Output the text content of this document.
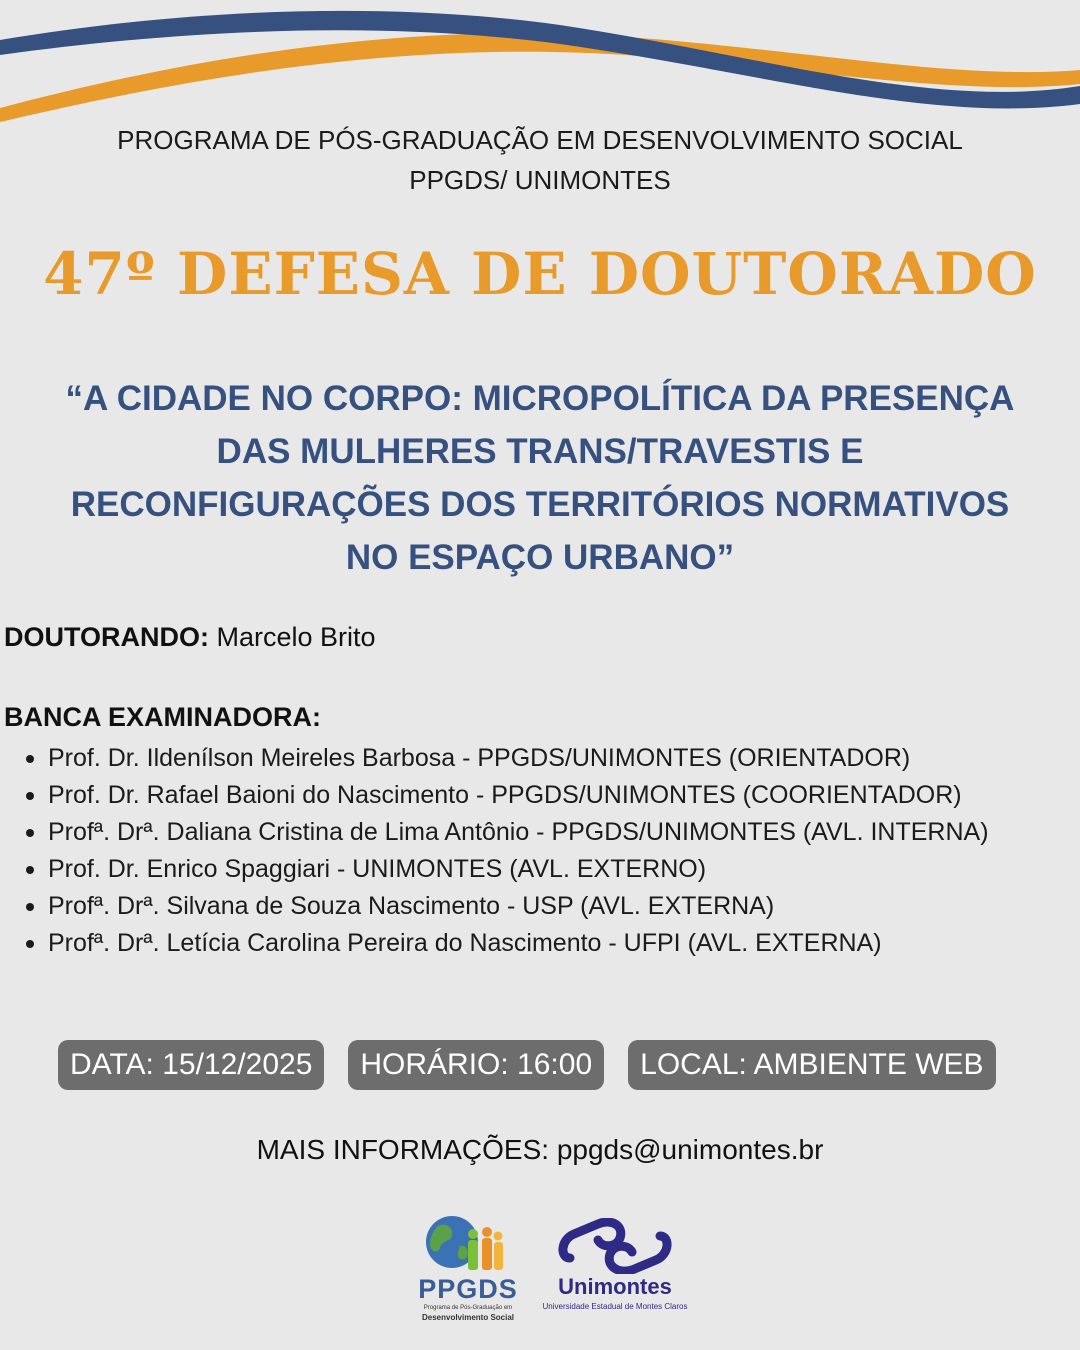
PROGRAMA DE PÓS-GRADUAÇÃO EM DESENVOLVIMENTO SOCIAL
PPGDS/ UNIMONTES
47º DEFESA DE DOUTORADO

“A CIDADE NO CORPO: MICROPOLÍTICA DA PRESENÇA DAS MULHERES TRANS/TRAVESTIS E RECONFIGURAÇÕES DOS TERRITÓRIOS NORMATIVOS NO ESPAÇO URBANO”

DOUTORANDO: Marcelo Brito
BANCA EXAMINADORA:
Prof. Dr. Ildenílson Meireles Barbosa - PPGDS/UNIMONTES (ORIENTADOR)
Prof. Dr. Rafael Baioni do Nascimento - PPGDS/UNIMONTES (COORIENTADOR)
Profª. Drª. Daliana Cristina de Lima Antônio - PPGDS/UNIMONTES (AVL. INTERNA)
Prof. Dr. Enrico Spaggiari - UNIMONTES (AVL. EXTERNO)
Profª. Drª. Silvana de Souza Nascimento - USP (AVL. EXTERNA)
Profª. Drª. Letícia Carolina Pereira do Nascimento - UFPI (AVL. EXTERNA)
DATA: 15/12/2025	HORÁRIO: 16:00	LOCAL: AMBIENTE WEB
MAIS INFORMAÇÕES: ppgds@unimontes.br
PPGDS
Programa de Pós-Graduação em
Desenvolvimento Social
Unimontes
Universidade Estadual de Montes Claros
